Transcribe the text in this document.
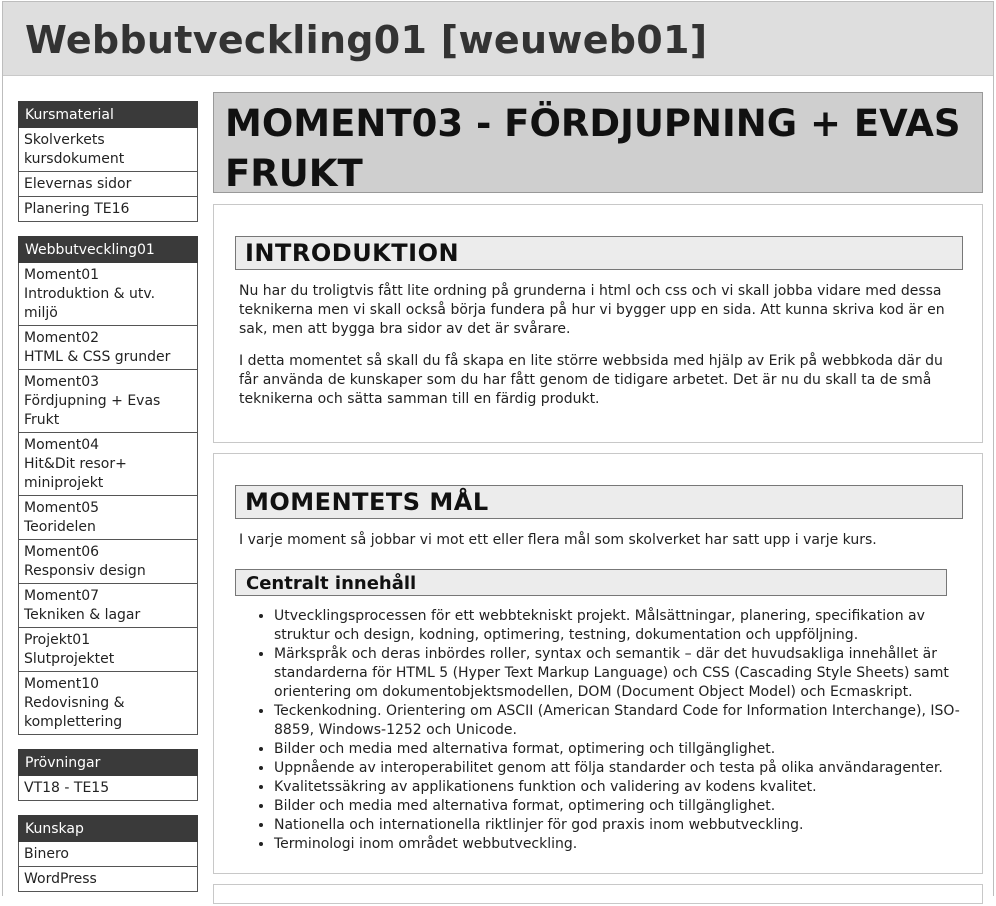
Webbutveckling01 [weuweb01]
Kursmaterial
Skolverkets
kursdokument
Elevernas sidor
Planering TE16
Webbutveckling01
Moment01
Introduktion & utv. miljö
Moment02
HTML & CSS grunder
Moment03
Fördjupning + Evas
Frukt
Moment04
Hit&Dit resor+
miniprojekt
Moment05
Teoridelen
Moment06
Responsiv design
Moment07
Tekniken & lagar
Projekt01
Slutprojektet
Moment10
Redovisning &
komplettering
Prövningar
VT18 - TE15
Kunskap
Binero
WordPress
MOMENT03 - FÖRDJUPNING + EVAS FRUKT
INTRODUKTION

Nu har du troligtvis fått lite ordning på grunderna i html och css och vi skall jobba vidare med dessa teknikerna men vi skall också börja fundera på hur vi bygger upp en sida. Att kunna skriva kod är en sak, men att bygga bra sidor av det är svårare.

I detta momentet så skall du få skapa en lite större webbsida med hjälp av Erik på webbkoda där du får använda de kunskaper som du har fått genom de tidigare arbetet. Det är nu du skall ta de små teknikerna och sätta samman till en färdig produkt.

MOMENTETS MÅL

I varje moment så jobbar vi mot ett eller flera mål som skolverket har satt upp i varje kurs.

Centralt innehåll
• Utvecklingsprocessen för ett webbtekniskt projekt. Målsättningar, planering, specifikation av struktur och design, kodning, optimering, testning, dokumentation och uppföljning.
• Märkspråk och deras inbördes roller, syntax och semantik – där det huvudsakliga innehållet är standarderna för HTML 5 (Hyper Text Markup Language) och CSS (Cascading Style Sheets) samt orientering om dokumentobjektsmodellen, DOM (Document Object Model) och Ecmaskript.
• Teckenkodning. Orientering om ASCII (American Standard Code for Information Interchange), ISO-8859, Windows-1252 och Unicode.
• Bilder och media med alternativa format, optimering och tillgänglighet.
• Uppnående av interoperabilitet genom att följa standarder och testa på olika användaragenter.
• Kvalitetssäkring av applikationens funktion och validering av kodens kvalitet.
• Bilder och media med alternativa format, optimering och tillgänglighet.
• Nationella och internationella riktlinjer för god praxis inom webbutveckling.
• Terminologi inom området webbutveckling.
